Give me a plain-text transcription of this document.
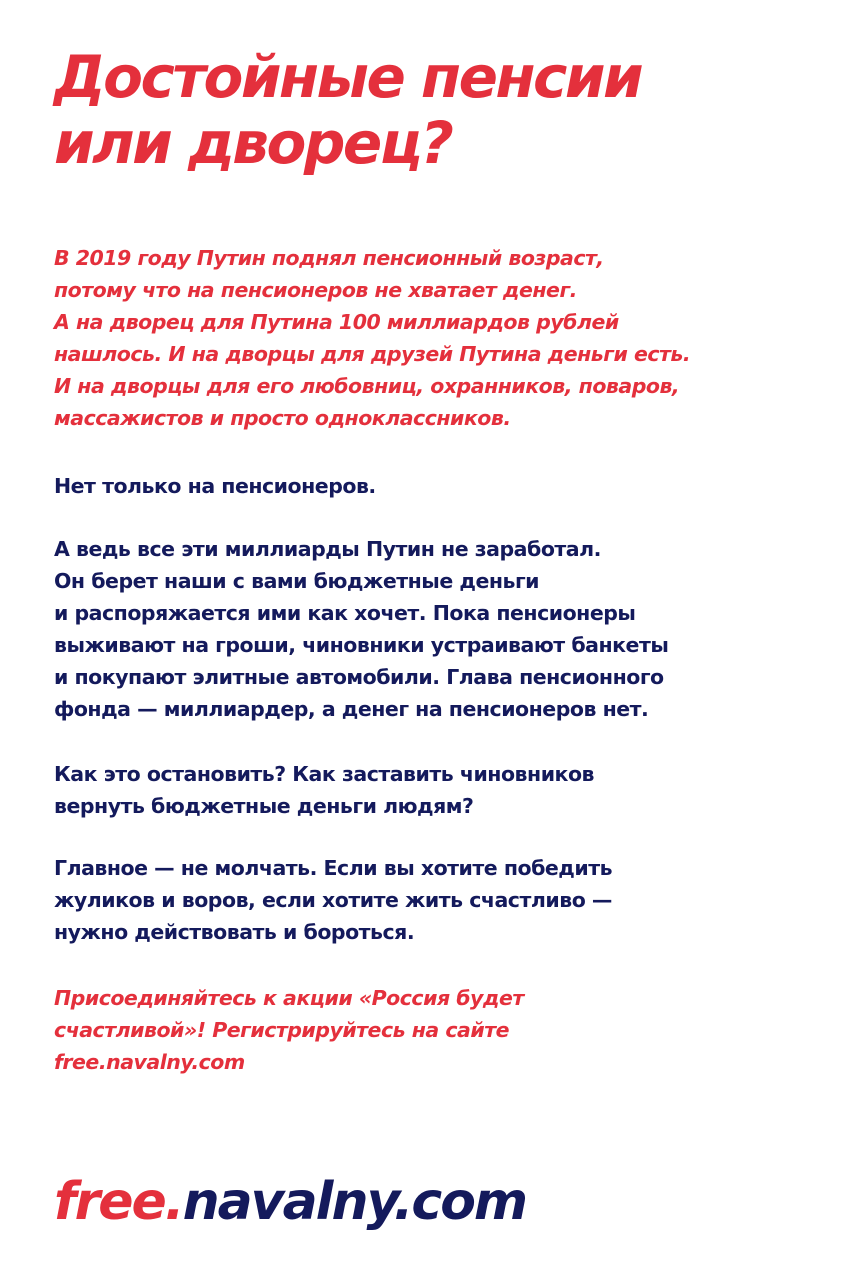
Достойные пенсии
или дворец?

В 2019 году Путин поднял пенсионный возраст,
потому что на пенсионеров не хватает денег.
А на дворец для Путина 100 миллиардов рублей
нашлось. И на дворцы для друзей Путина деньги есть.
И на дворцы для его любовниц, охранников, поваров,
массажистов и просто одноклассников.

Нет только на пенсионеров.

А ведь все эти миллиарды Путин не заработал.
Он берет наши с вами бюджетные деньги
и распоряжается ими как хочет. Пока пенсионеры
выживают на гроши, чиновники устраивают банкеты
и покупают элитные автомобили. Глава пенсионного
фонда — миллиардер, а денег на пенсионеров нет.

Как это остановить? Как заставить чиновников
вернуть бюджетные деньги людям?

Главное — не молчать. Если вы хотите победить
жуликов и воров, если хотите жить счастливо —
нужно действовать и бороться.

Присоединяйтесь к акции «Россия будет
счастливой»! Регистрируйтесь на сайте
free.navalny.com

free.navalny.com
